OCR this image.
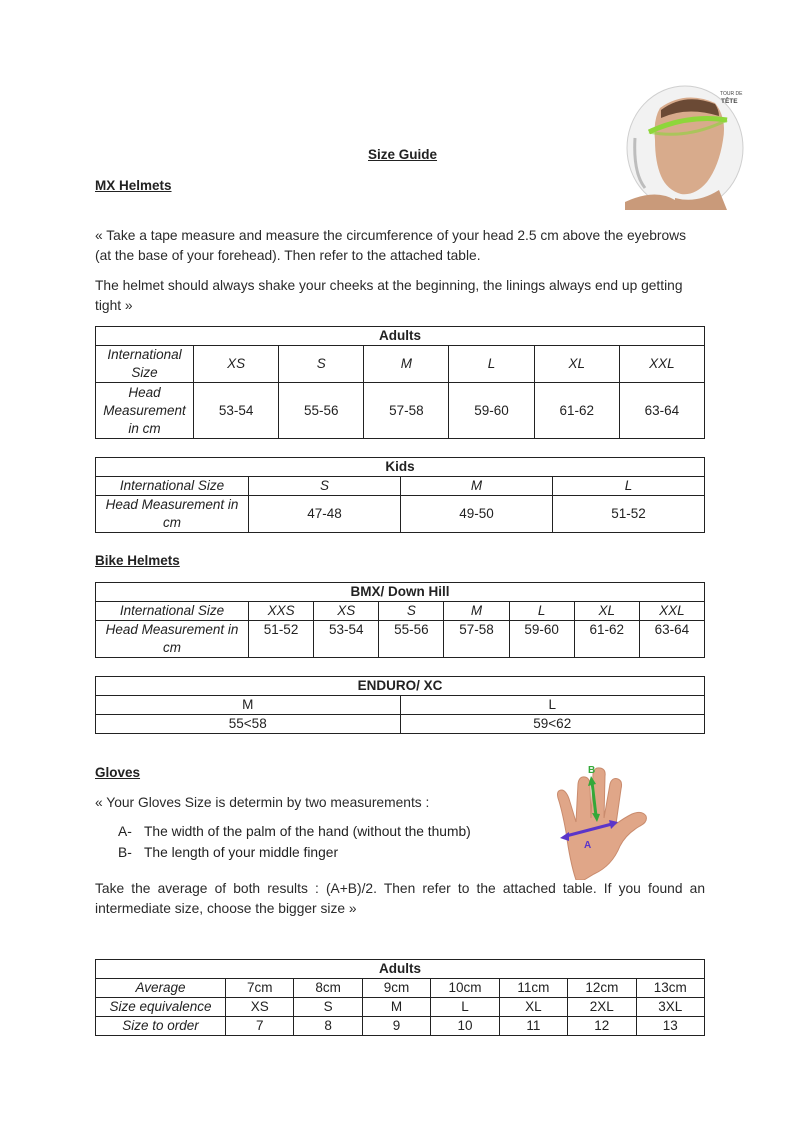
Size Guide
TOUR DE
TÊTE
MX Helmets
« Take a tape measure and measure the circumference of your head 2.5 cm above the eyebrows (at the base of your forehead). Then refer to the attached table.
The helmet should always shake your cheeks at the beginning, the linings always end up getting tight »
Adults						
International Size	XS	S	M	L	XL	XXL
Head Measurement in cm	53-54	55-56	57-58	59-60	61-62	63-64
Kids			
International Size	S	M	L
Head Measurement in cm	47-48	49-50	51-52
Bike Helmets
BMX/ Down Hill							
International Size	XXS	XS	S	M	L	XL	XXL
Head Measurement in cm	51-52	53-54	55-56	57-58	59-60	61-62	63-64
ENDURO/ XC	
M	L
55<58	59<62
Gloves	B
A
« Your Gloves Size is determin by two measurements :
A- The width of the palm of the hand (without the thumb)
B- The length of your middle finger
Take the average of both results : (A+B)/2. Then refer to the attached table. If you found an intermediate size, choose the bigger size »
Adults							
Average	7cm	8cm	9cm	10cm	11cm	12cm	13cm
Size equivalence	XS	S	M	L	XL	2XL	3XL
Size to order	7	8	9	10	11	12	13
